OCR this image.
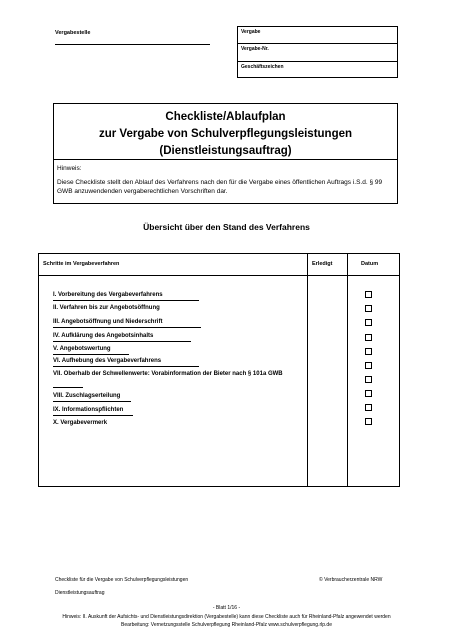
Vergabestelle	Vergabe
Vergabe-Nr.
Geschäftszeichen
Checkliste/Ablaufplan
zur Vergabe von Schulverpflegungsleistungen
(Dienstleistungsauftrag)
Hinweis:
Diese Checkliste stellt den Ablauf des Verfahrens nach den für die Vergabe eines öffentlichen Auftrags i.S.d. § 99 GWB anzuwendenden vergaberechtlichen Vorschriften dar.
Übersicht über den Stand des Verfahrens
Schritte im Vergabeverfahren	Erledigt	Datum
I. Vorbereitung des Vergabeverfahrens
II. Verfahren bis zur Angebotsöffnung
III. Angebotsöffnung und Niederschrift
IV. Aufklärung des Angebotsinhalts
V. Angebotswertung
VI. Aufhebung des Vergabeverfahrens
VII. Oberhalb der Schwellenwerte: Vorabinformation der Bieter nach § 101a GWB
VIII. Zuschlagserteilung
IX. Informationspflichten
X. Vergabevermerk
Checkliste für die Vergabe von Schulverpflegungsleistungen	© Verbraucherzentrale NRW
Dienstleistungsauftrag
- Blatt 1/16 -
Hinweis: II. Auskunft der Aufsichts- und Dienstleistungsdirektion (Vergabestelle) kann diese Checkliste auch für Rheinland-Pfalz angewendet werden
Bearbeitung: Vernetzungsstelle Schulverpflegung Rheinland-Pfalz www.schulverpflegung.rlp.de
